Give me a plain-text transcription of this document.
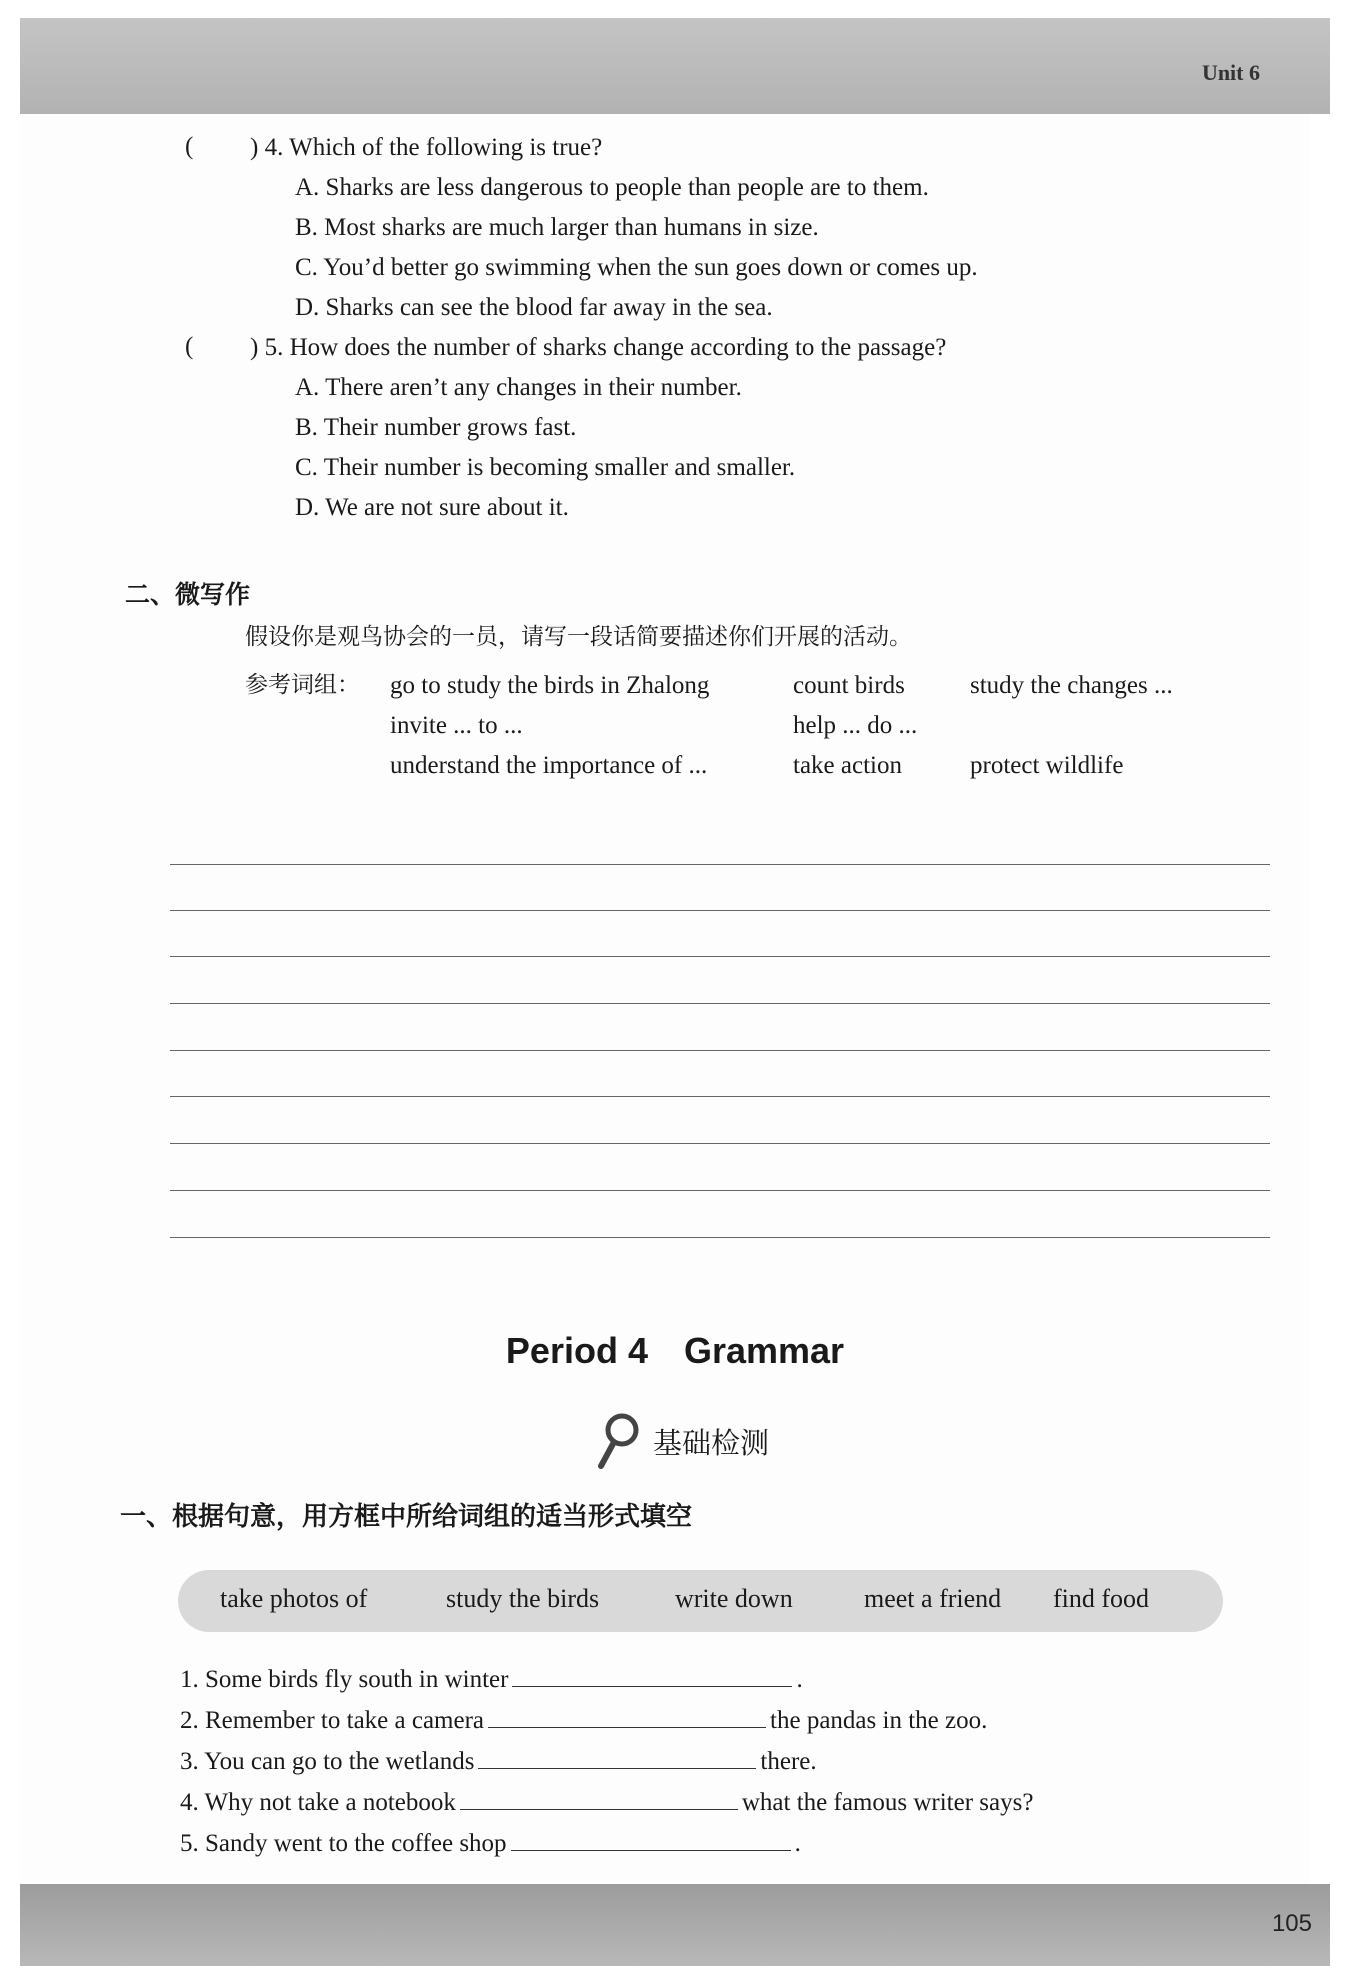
Unit 6
( ) 4. Which of the following is true?
A. Sharks are less dangerous to people than people are to them.
B. Most sharks are much larger than humans in size.
C. You’d better go swimming when the sun goes down or comes up.
D. Sharks can see the blood far away in the sea.
( ) 5. How does the number of sharks change according to the passage?
A. There aren’t any changes in their number.
B. Their number grows fast.
C. Their number is becoming smaller and smaller.
D. We are not sure about it.
二、微写作
假设你是观鸟协会的一员，请写一段话简要描述你们开展的活动。
参考词组： go to study the birds in Zhalong	count birds	study the changes ...
invite ... to ...	help ... do ...
understand the importance of ...	take action	protect wildlife
Period 4 Grammar
基础检测
一、根据句意，用方框中所给词组的适当形式填空
take photos of	study the birds	write down	meet a friend find food
1. Some birds fly south in winter	.
2. Remember to take a camera	the pandas in the zoo.
3. You can go to the wetlands	there.
4. Why not take a notebook	what the famous writer says?
5. Sandy went to the coffee shop	.
105
